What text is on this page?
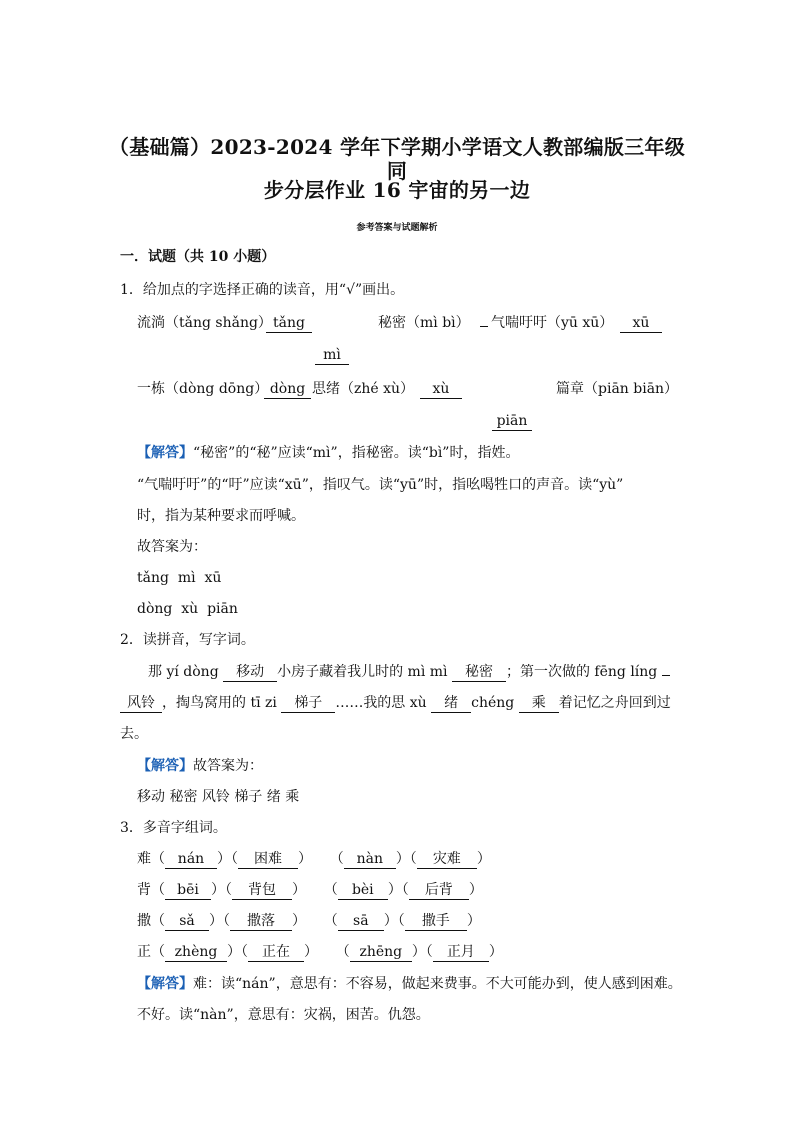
（基础篇）2023-2024 学年下学期小学语文人教部编版三年级同
步分层作业 16 宇宙的另一边
参考答案与试题解析
一．试题（共 10 小题）
1．给加点的字选择正确的读音，用“√”画出。
流淌（tǎng shǎng） tǎng	秘密（mì bì） 气喘吁吁（yū xū）	xū
mì
一栋（dòng dōng） dòng 思绪（zhé xù）	xù	篇章（piān biān）
piān
【解答】“秘密”的“秘”应读“mì”，指秘密。读“bì”时，指姓。
“气喘吁吁”的“吁”应读“xū”，指叹气。读“yū”时，指吆喝牲口的声音。读“yù”
时，指为某种要求而呼喊。
故答案为：
tǎng  mì  xū
dòng  xù  piān
2．读拼音，写字词。
那 yí dòng 移动 小房子藏着我儿时的 mì mì 秘密 ；第一次做的 fēng líng
风铃 ，掏鸟窝用的 tī zi 梯子 ……我的思 xù 绪 chéng 乘 着记忆之舟回到过
去。
【解答】故答案为：
移动 秘密 风铃 梯子 绪 乘
3．多音字组词。
难（ nán ）（ 困难 ）    （ nàn ）（ 灾难 ）
背（ bēi ）（ 背包 ）    （ bèi ）（ 后背 ）
撒（ sǎ ）（ 撒落 ）    （ sā ）（ 撒手 ）
正（ zhèng ）（ 正在 ）    （ zhēng ）（ 正月 ）
【解答】难：读“nán”，意思有：不容易，做起来费事。不大可能办到，使人感到困难。
不好。读“nàn”，意思有：灾祸，困苦。仇怨。
